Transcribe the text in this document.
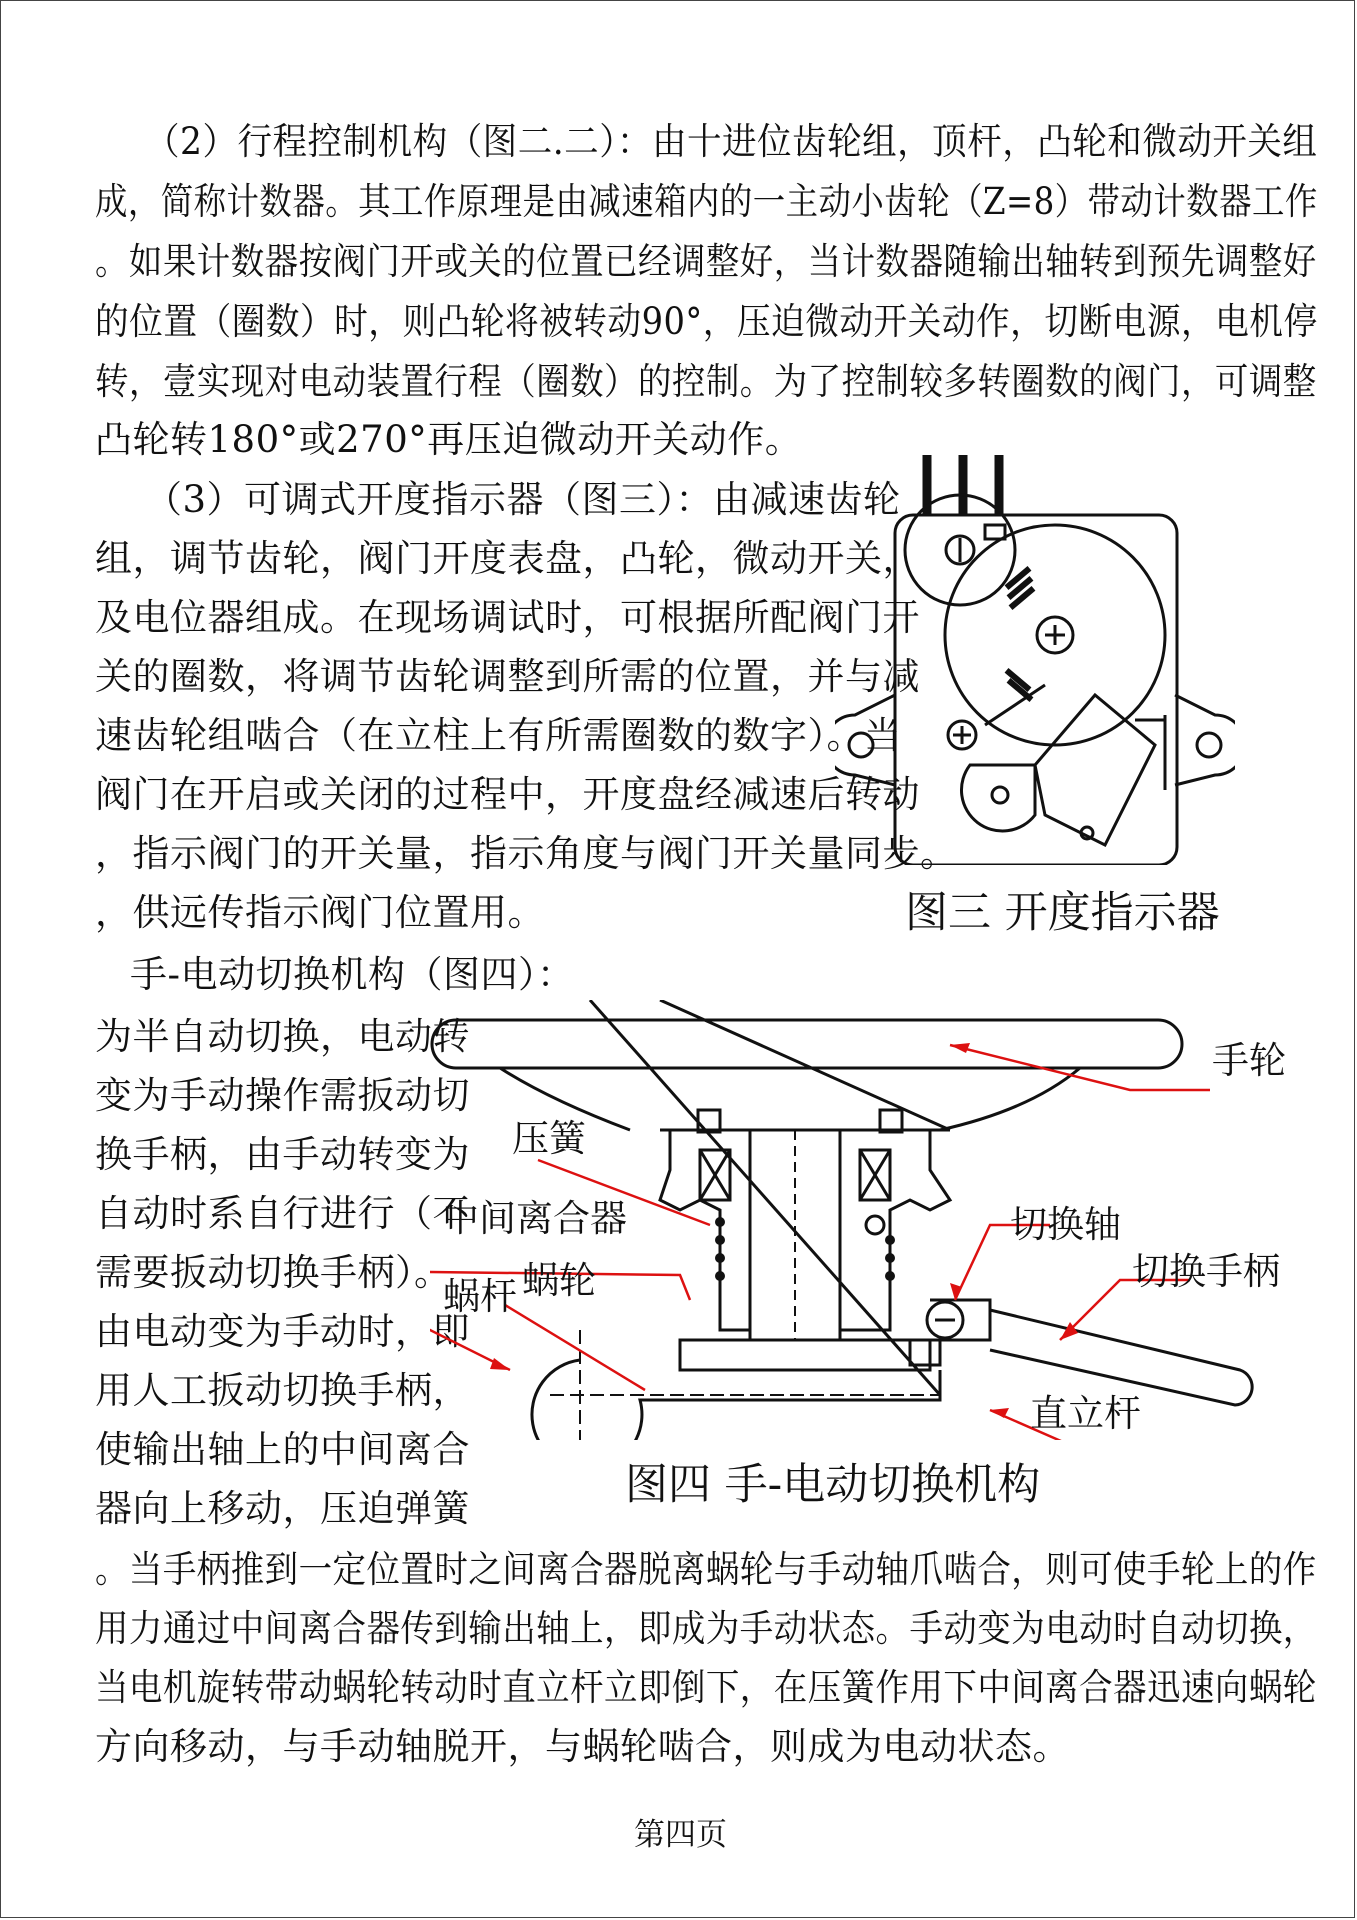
（2）行程控制机构（图二.二）：由十进位齿轮组，顶杆，凸轮和微动开关组
成，简称计数器。其工作原理是由减速箱内的一主动小齿轮（Z=8）带动计数器工作
。如果计数器按阀门开或关的位置已经调整好，当计数器随输出轴转到预先调整好
的位置（圈数）时，则凸轮将被转动90°，压迫微动开关动作，切断电源，电机停
转，壹实现对电动装置行程（圈数）的控制。为了控制较多转圈数的阀门，可调整
凸轮转180°或270°再压迫微动开关动作。
（3）可调式开度指示器（图三）：由减速齿轮
组，调节齿轮，阀门开度表盘，凸轮，微动开关，
及电位器组成。在现场调试时，可根据所配阀门开
关的圈数，将调节齿轮调整到所需的位置，并与减
速齿轮组啮合（在立柱上有所需圈数的数字）。当
阀门在开启或关闭的过程中，开度盘经减速后转动
，指示阀门的开关量，指示角度与阀门开关量同步。
，供远传指示阀门位置用。	图三 开度指示器
手-电动切换机构（图四）：
为半自动切换，电动转
变为手动操作需扳动切
换手柄，由手动转变为
自动时系自行进行（不
需要扳动切换手柄）。
由电动变为手动时，即
用人工扳动切换手柄，
使输出轴上的中间离合
器向上移动，压迫弹簧
手轮
压簧
中间离合器	切换轴
切换手柄
蜗杆 蜗轮
直立杆
图四 手-电动切换机构
。当手柄推到一定位置时之间离合器脱离蜗轮与手动轴爪啮合，则可使手轮上的作
用力通过中间离合器传到输出轴上，即成为手动状态。手动变为电动时自动切换，
当电机旋转带动蜗轮转动时直立杆立即倒下，在压簧作用下中间离合器迅速向蜗轮
方向移动，与手动轴脱开，与蜗轮啮合，则成为电动状态。
第四页
